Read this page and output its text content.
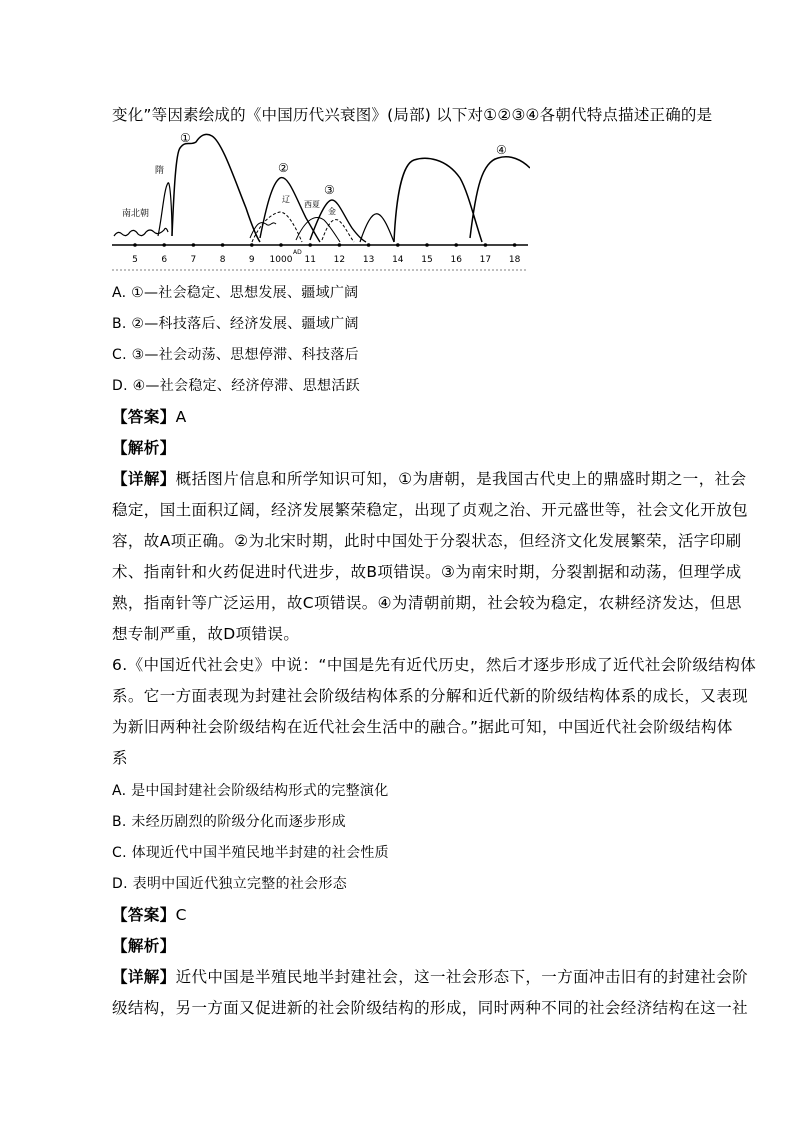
变化”等因素绘成的《中国历代兴衰图》(局部) 以下对①②③④各朝代特点描述正确的是
5	6	7	8	9 1000 11 12 13 14 15 16 17 18
南北朝
隋
①
②
辽
③
西夏
金
④
AD
A. ①—社会稳定、思想发展、疆域广阔
B. ②—科技落后、经济发展、疆域广阔
C. ③—社会动荡、思想停滞、科技落后
D. ④—社会稳定、经济停滞、思想活跃
【答案】A
【解析】
【详解】概括图片信息和所学知识可知，①为唐朝，是我国古代史上的鼎盛时期之一，社会
稳定，国土面积辽阔，经济发展繁荣稳定，出现了贞观之治、开元盛世等，社会文化开放包
容，故A项正确。②为北宋时期，此时中国处于分裂状态，但经济文化发展繁荣，活字印刷
术、指南针和火药促进时代进步，故B项错误。③为南宋时期，分裂割据和动荡，但理学成
熟，指南针等广泛运用，故C项错误。④为清朝前期，社会较为稳定，农耕经济发达，但思
想专制严重，故D项错误。
6.《中国近代社会史》中说：“中国是先有近代历史，然后才逐步形成了近代社会阶级结构体
系。它一方面表现为封建社会阶级结构体系的分解和近代新的阶级结构体系的成长，又表现
为新旧两种社会阶级结构在近代社会生活中的融合。”据此可知，中国近代社会阶级结构体
系
A. 是中国封建社会阶级结构形式的完整演化
B. 未经历剧烈的阶级分化而逐步形成
C. 体现近代中国半殖民地半封建的社会性质
D. 表明中国近代独立完整的社会形态
【答案】C
【解析】
【详解】近代中国是半殖民地半封建社会，这一社会形态下，一方面冲击旧有的封建社会阶
级结构，另一方面又促进新的社会阶级结构的形成，同时两种不同的社会经济结构在这一社
